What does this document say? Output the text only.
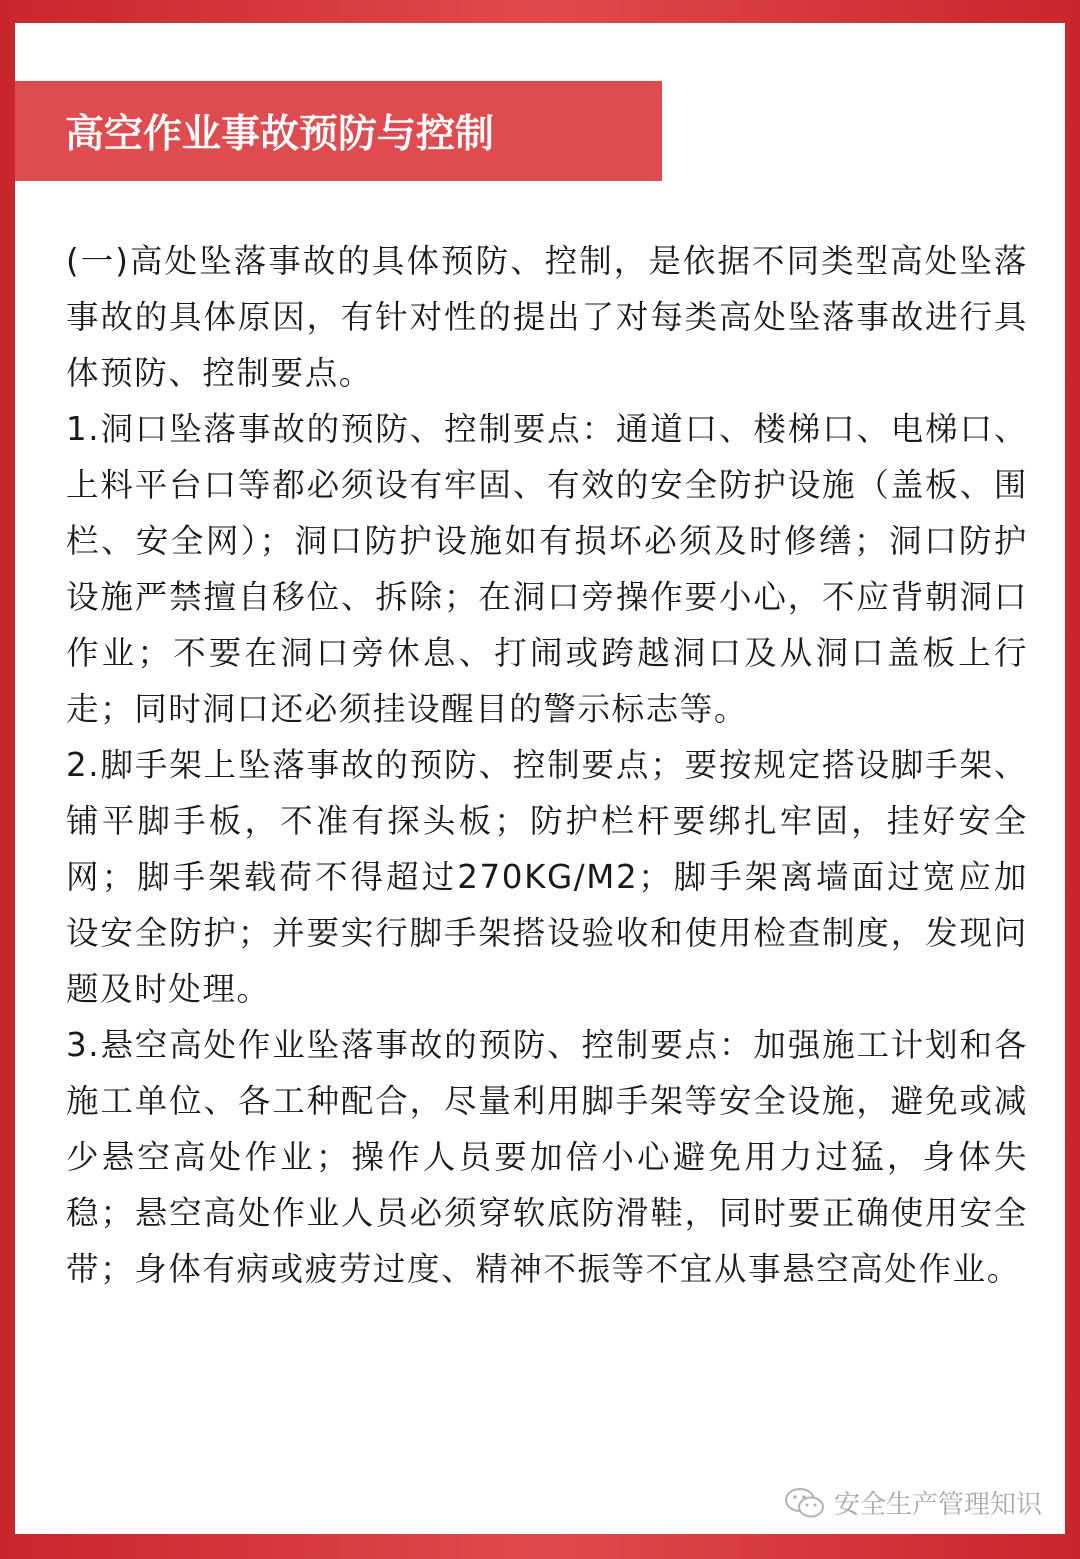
高空作业事故预防与控制

(一)高处坠落事故的具体预防、控制，是依据不同类型高处坠落事故的具体原因，有针对性的提出了对每类高处坠落事故进行具体预防、控制要点。

1.洞口坠落事故的预防、控制要点：通道口、楼梯口、电梯口、上料平台口等都必须设有牢固、有效的安全防护设施（盖板、围栏、安全网）；洞口防护设施如有损坏必须及时修缮；洞口防护设施严禁擅自移位、拆除；在洞口旁操作要小心，不应背朝洞口作业；不要在洞口旁休息、打闹或跨越洞口及从洞口盖板上行走；同时洞口还必须挂设醒目的警示标志等。

2.脚手架上坠落事故的预防、控制要点；要按规定搭设脚手架、铺平脚手板，不准有探头板；防护栏杆要绑扎牢固，挂好安全网；脚手架载荷不得超过270KG/M2；脚手架离墙面过宽应加设安全防护；并要实行脚手架搭设验收和使用检查制度，发现问题及时处理。

3.悬空高处作业坠落事故的预防、控制要点：加强施工计划和各施工单位、各工种配合，尽量利用脚手架等安全设施，避免或减少悬空高处作业；操作人员要加倍小心避免用力过猛，身体失稳；悬空高处作业人员必须穿软底防滑鞋，同时要正确使用安全带；身体有病或疲劳过度、精神不振等不宜从事悬空高处作业。

安全生产管理知识
